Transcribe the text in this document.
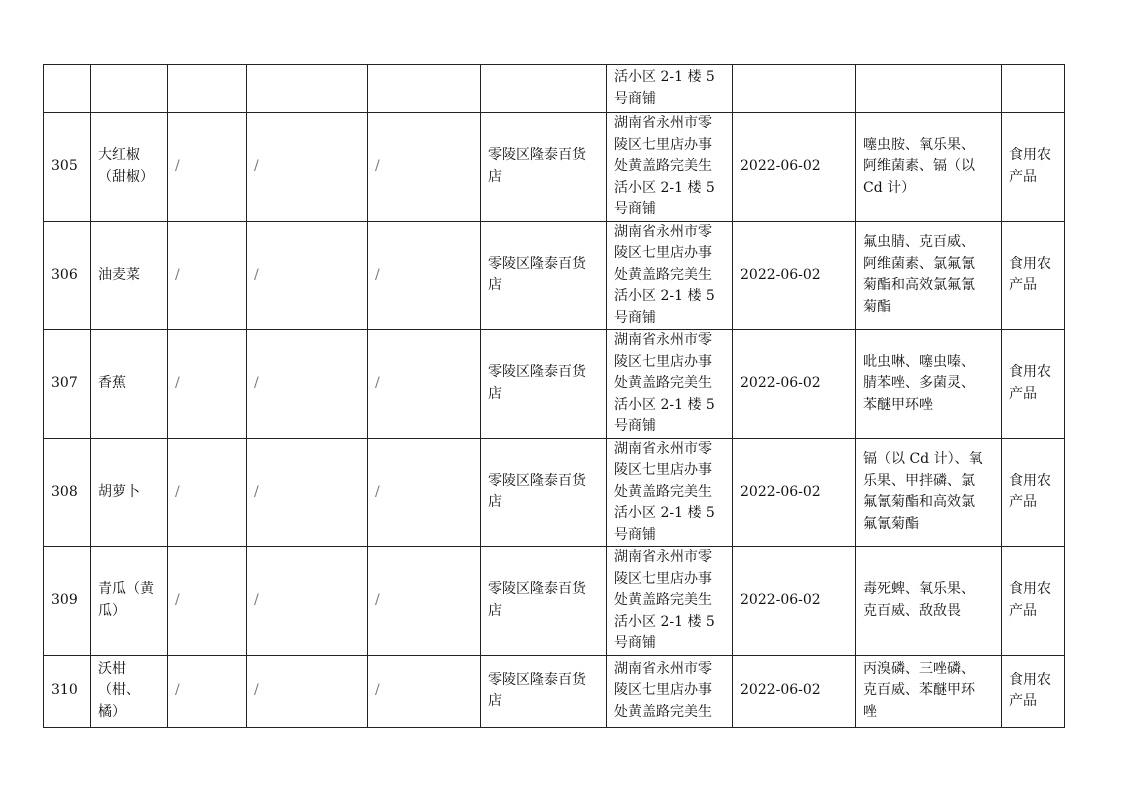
						活小区 2-1 楼 5
号商铺			
305	大红椒
（甜椒）	/	/	/	零陵区隆泰百货
店	湖南省永州市零
陵区七里店办事
处黄盖路完美生
活小区 2-1 楼 5
号商铺	2022-06-02	噻虫胺、氧乐果、
阿维菌素、镉（以
Cd 计）	食用农
产品
306	油麦菜	/	/	/	零陵区隆泰百货
店	湖南省永州市零
陵区七里店办事
处黄盖路完美生
活小区 2-1 楼 5
号商铺	2022-06-02	氟虫腈、克百威、
阿维菌素、氯氟氰
菊酯和高效氯氟氰
菊酯	食用农
产品
307	香蕉	/	/	/	零陵区隆泰百货
店	湖南省永州市零
陵区七里店办事
处黄盖路完美生
活小区 2-1 楼 5
号商铺	2022-06-02	吡虫啉、噻虫嗪、
腈苯唑、多菌灵、
苯醚甲环唑	食用农
产品
308	胡萝卜	/	/	/	零陵区隆泰百货
店	湖南省永州市零
陵区七里店办事
处黄盖路完美生
活小区 2-1 楼 5
号商铺	2022-06-02	镉（以 Cd 计）、氧
乐果、甲拌磷、氯
氟氰菊酯和高效氯
氟氰菊酯	食用农
产品
309	青瓜（黄
瓜）	/	/	/	零陵区隆泰百货
店	湖南省永州市零
陵区七里店办事
处黄盖路完美生
活小区 2-1 楼 5
号商铺	2022-06-02	毒死蜱、氧乐果、
克百威、敌敌畏	食用农
产品
310	沃柑
（柑、
橘）	/	/	/	零陵区隆泰百货
店	湖南省永州市零
陵区七里店办事
处黄盖路完美生	2022-06-02	丙溴磷、三唑磷、
克百威、苯醚甲环
唑	食用农
产品
